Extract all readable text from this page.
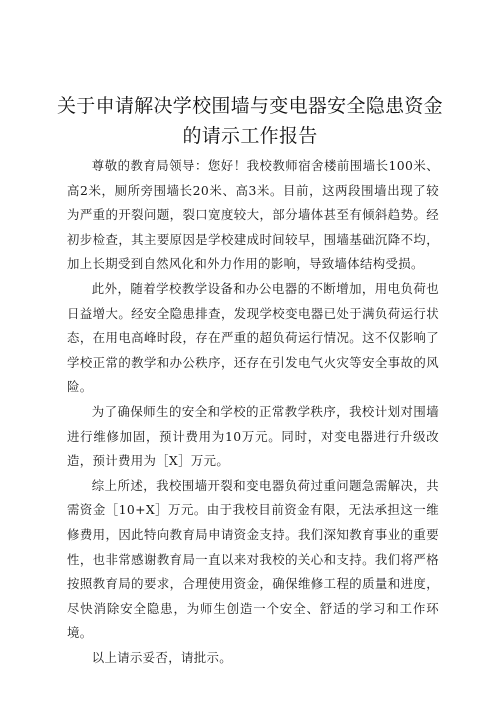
关于申请解决学校围墙与变电器安全隐患资金
的请示工作报告

尊敬的教育局领导：您好！我校教师宿舍楼前围墙长100米、高2米，厕所旁围墙长20米、高3米。目前，这两段围墙出现了较为严重的开裂问题，裂口宽度较大，部分墙体甚至有倾斜趋势。经初步检查，其主要原因是学校建成时间较早，围墙基础沉降不均，加上长期受到自然风化和外力作用的影响，导致墙体结构受损。

此外，随着学校教学设备和办公电器的不断增加，用电负荷也日益增大。经安全隐患排查，发现学校变电器已处于满负荷运行状态，在用电高峰时段，存在严重的超负荷运行情况。这不仅影响了学校正常的教学和办公秩序，还存在引发电气火灾等安全事故的风险。

为了确保师生的安全和学校的正常教学秩序，我校计划对围墙进行维修加固，预计费用为10万元。同时，对变电器进行升级改造，预计费用为［X］万元。

综上所述，我校围墙开裂和变电器负荷过重问题急需解决，共需资金［10+X］万元。由于我校目前资金有限，无法承担这一维修费用，因此特向教育局申请资金支持。我们深知教育事业的重要性，也非常感谢教育局一直以来对我校的关心和支持。我们将严格按照教育局的要求，合理使用资金，确保维修工程的质量和进度，尽快消除安全隐患，为师生创造一个安全、舒适的学习和工作环境。

以上请示妥否，请批示。
